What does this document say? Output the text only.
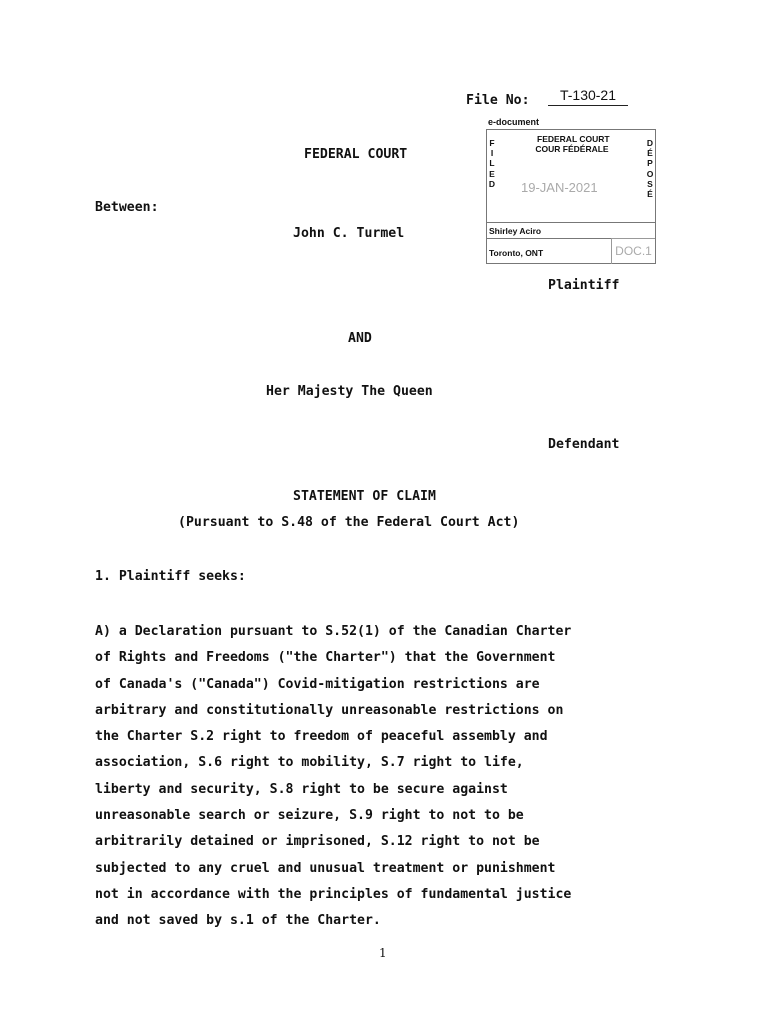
File No:	T-130-21
FEDERAL COURT
e-document
FEDERAL COURT
COUR FÉDÉRALE
F
I
L
E
D
D
É
P
O
S
É
19-JAN-2021
Shirley Aciro
Toronto, ONT	DOC.1
Between:
John C. Turmel
Plaintiff
AND
Her Majesty The Queen
Defendant
STATEMENT OF CLAIM
(Pursuant to S.48 of the Federal Court Act)
1. Plaintiff seeks:
A) a Declaration pursuant to S.52(1) of the Canadian Charter
of Rights and Freedoms ("the Charter") that the Government
of Canada's ("Canada") Covid-mitigation restrictions are
arbitrary and constitutionally unreasonable restrictions on
the Charter S.2 right to freedom of peaceful assembly and
association, S.6 right to mobility, S.7 right to life,
liberty and security, S.8 right to be secure against
unreasonable search or seizure, S.9 right to not to be
arbitrarily detained or imprisoned, S.12 right to not be
subjected to any cruel and unusual treatment or punishment
not in accordance with the principles of fundamental justice
and not saved by s.1 of the Charter.
1
